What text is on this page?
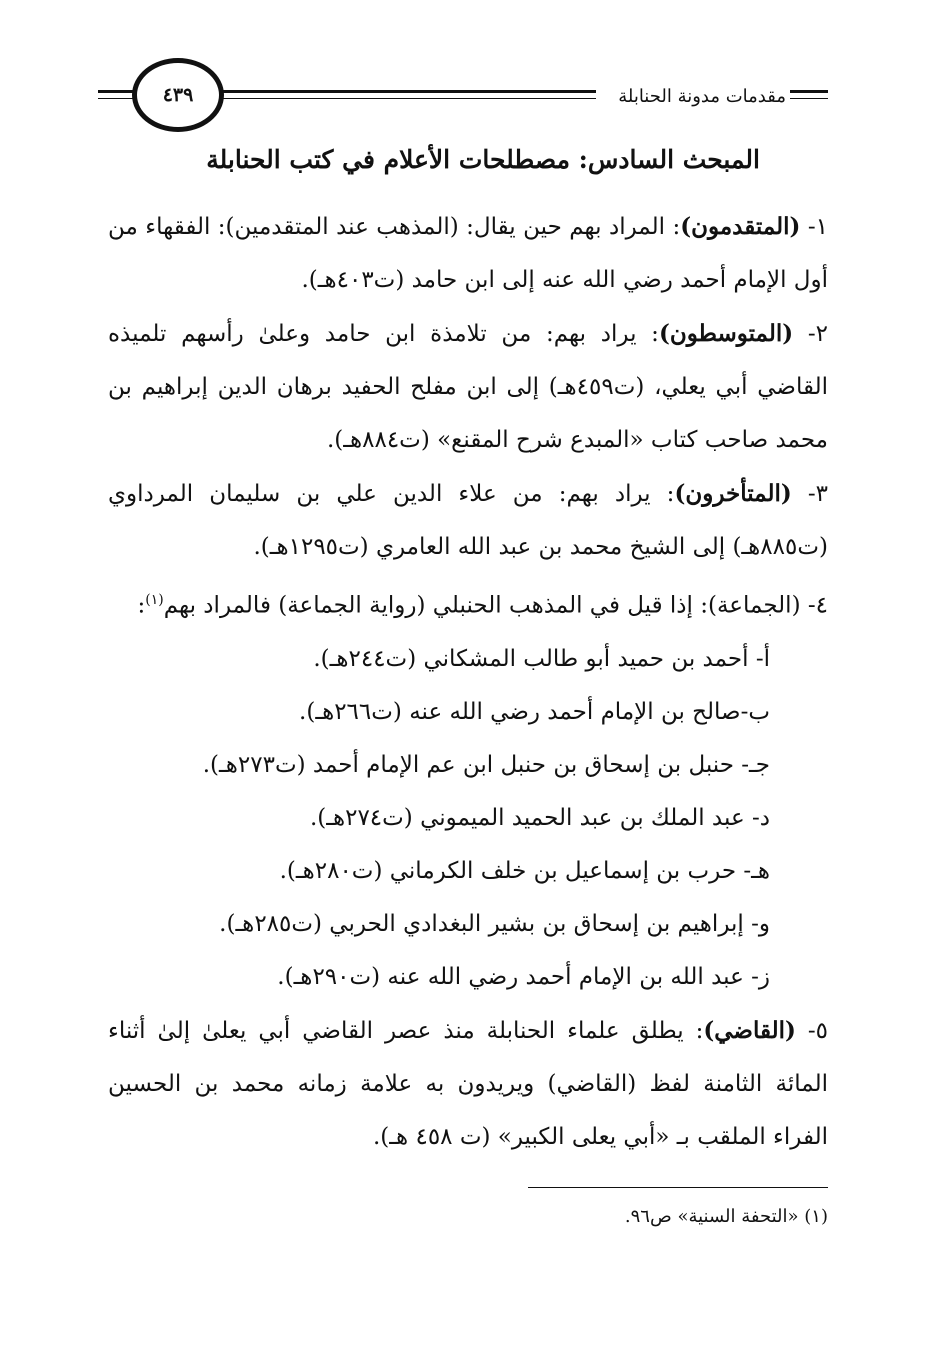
٤٣٩	مقدمات مدونة الحنابلة
المبحث السادس: مصطلحات الأعلام في كتب الحنابلة

١- (المتقدمون): المراد بهم حين يقال: (المذهب عند المتقدمين): الفقهاء من أول الإمام أحمد رضي الله عنه إلى ابن حامد (ت٤٠٣هـ).

٢- (المتوسطون): يراد بهم: من تلامذة ابن حامد وعلىٰ رأسهم تلميذه القاضي أبي يعلي، (ت٤٥٩هـ) إلى ابن مفلح الحفيد برهان الدين إبراهيم بن محمد صاحب كتاب «المبدع شرح المقنع» (ت٨٨٤هـ).

٣- (المتأخرون): يراد بهم: من علاء الدين علي بن سليمان المرداوي (ت٨٨٥هـ) إلى الشيخ محمد بن عبد الله العامري (ت١٢٩٥هـ).

٤- (الجماعة): إذا قيل في المذهب الحنبلي (رواية الجماعة) فالمراد بهم$^{(١)}$:

أ- أحمد بن حميد أبو طالب المشكاني (ت٢٤٤هـ).
ب-صالح بن الإمام أحمد رضي الله عنه (ت٢٦٦هـ).
جـ- حنبل بن إسحاق بن حنبل ابن عم الإمام أحمد (ت٢٧٣هـ).
د- عبد الملك بن عبد الحميد الميموني (ت٢٧٤هـ).
هـ- حرب بن إسماعيل بن خلف الكرماني (ت٢٨٠هـ).
و- إبراهيم بن إسحاق بن بشير البغدادي الحربي (ت٢٨٥هـ).
ز- عبد الله بن الإمام أحمد رضي الله عنه (ت٢٩٠هـ).

٥- (القاضي): يطلق علماء الحنابلة منذ عصر القاضي أبي يعلىٰ إلىٰ أثناء المائة الثامنة لفظ (القاضي) ويريدون به علامة زمانه محمد بن الحسين الفراء الملقب بـ «أبي يعلى الكبير» (ت ٤٥٨ هـ).

(١) «التحفة السنية» ص٩٦.
